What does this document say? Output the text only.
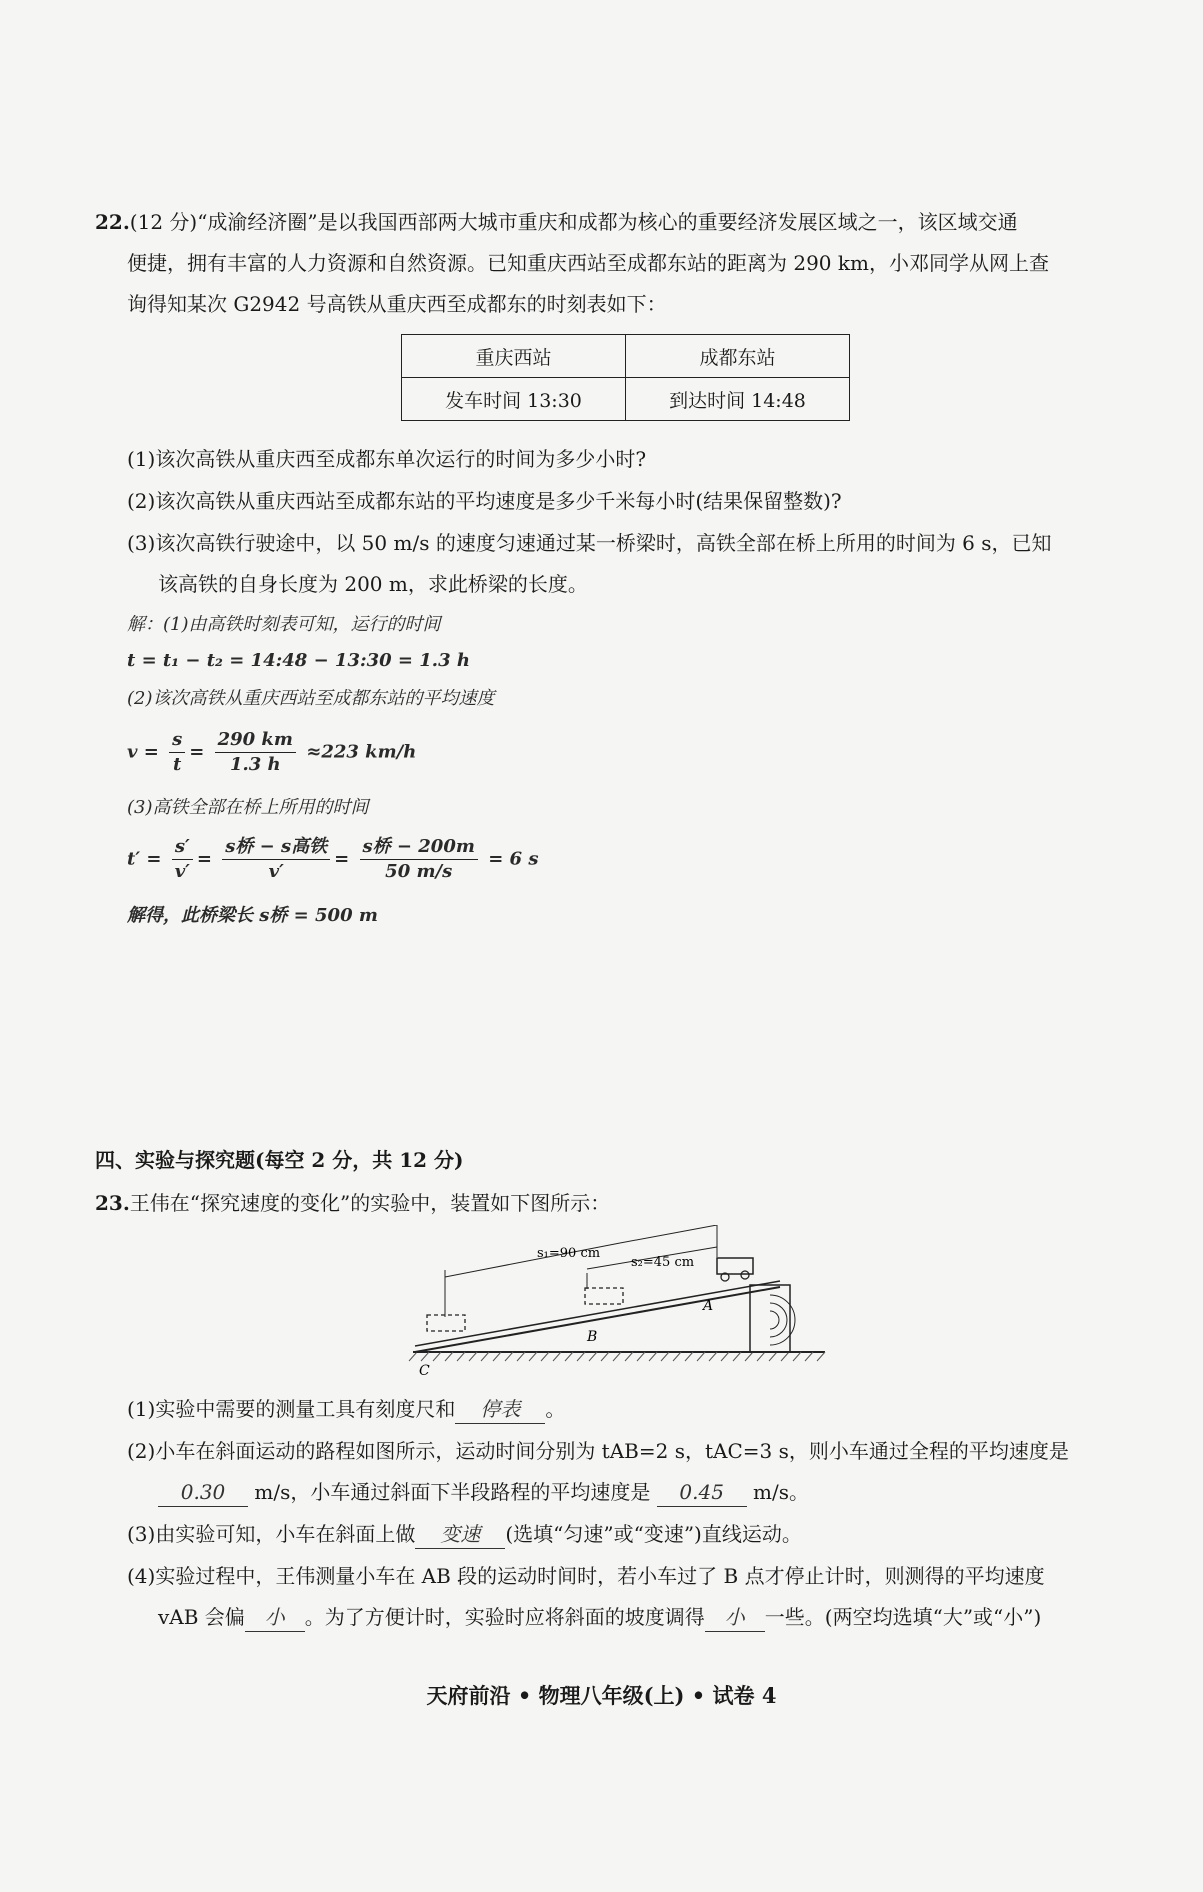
22.(12 分)“成渝经济圈”是以我国西部两大城市重庆和成都为核心的重要经济发展区域之一，该区域交通
便捷，拥有丰富的人力资源和自然资源。已知重庆西站至成都东站的距离为 290 km，小邓同学从网上查
询得知某次 G2942 号高铁从重庆西至成都东的时刻表如下：
重庆西站	成都东站
发车时间 13:30	到达时间 14:48
(1)该次高铁从重庆西至成都东单次运行的时间为多少小时?
(2)该次高铁从重庆西站至成都东站的平均速度是多少千米每小时(结果保留整数)?
(3)该次高铁行驶途中，以 50 m/s 的速度匀速通过某一桥梁时，高铁全部在桥上所用的时间为 6 s，已知
该高铁的自身长度为 200 m，求此桥梁的长度。
解：(1)由高铁时刻表可知，运行的时间
t = t₁ − t₂ = 14:48 − 13:30 = 1.3 h
(2)该次高铁从重庆西站至成都东站的平均速度
$v = \frac{s}{t} = \frac{290 km}{1.3 h} \approx 223$ km/h
(3)高铁全部在桥上所用的时间
$t' = \frac{s'}{v'} = \frac{\text{s桥 − s高铁}}{v'} = \frac{\text{s桥 − 200m}}{50 m/s} = 6$ s
解得，此桥梁长 s桥 = 500 m
四、实验与探究题(每空 2 分，共 12 分)
23.王伟在“探究速度的变化”的实验中，装置如下图所示：
s₁=90 cm
s₂=45 cm
A
B
C
(1)实验中需要的测量工具有刻度尺和 停表 。
(2)小车在斜面运动的路程如图所示，运动时间分别为 tAB=2 s，tAC=3 s，则小车通过全程的平均速度是
0.30 m/s，小车通过斜面下半段路程的平均速度是 0.45 m/s。
(3)由实验可知，小车在斜面上做 变速 (选填“匀速”或“变速”)直线运动。
(4)实验过程中，王伟测量小车在 AB 段的运动时间时，若小车过了 B 点才停止计时，则测得的平均速度
vAB 会偏 小 。为了方便计时，实验时应将斜面的坡度调得 小 一些。(两空均选填“大”或“小”)
天府前沿 • 物理八年级(上) • 试卷 4
